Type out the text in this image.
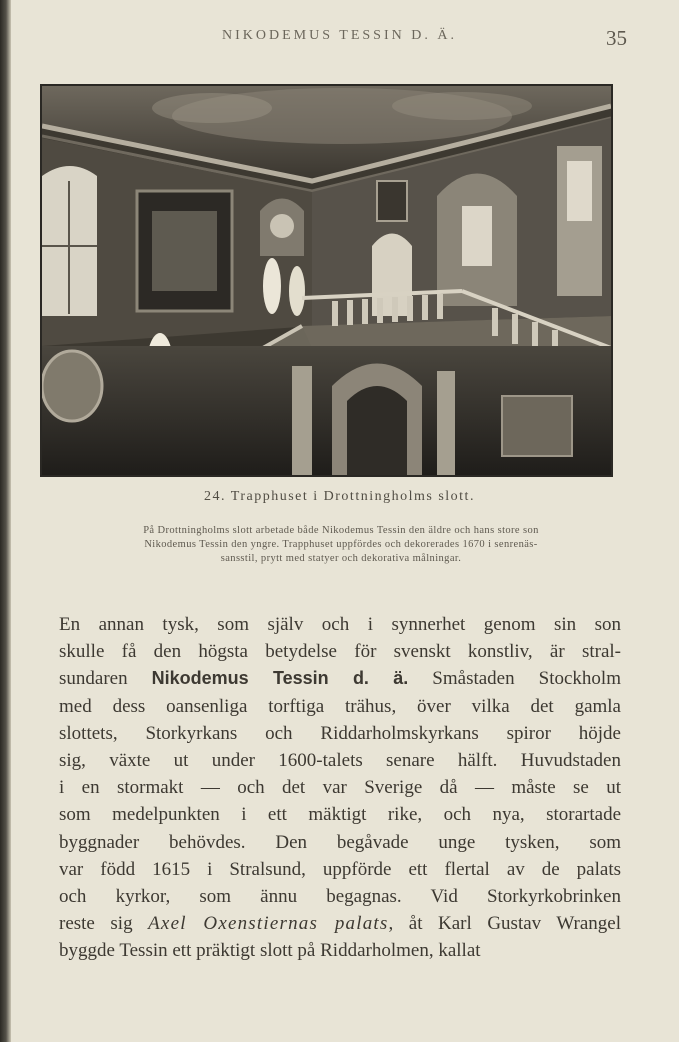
NIKODEMUS TESSIN D. Ä.	35
24. Trapphuset i Drottningholms slott.
På Drottningholms slott arbetade både Nikodemus Tessin den äldre och hans store son
Nikodemus Tessin den yngre. Trapphuset uppfördes och dekorerades 1670 i senrenäs-
sansstil, prytt med statyer och dekorativa målningar.
En annan tysk, som själv och i synnerhet genom sin son
skulle få den högsta betydelse för svenskt konstliv, är stral-
sundaren Nikodemus Tessin d. ä. Småstaden Stockholm
med dess oansenliga torftiga trähus, över vilka det gamla
slottets, Storkyrkans och Riddarholmskyrkans spiror höjde
sig, växte ut under 1600-talets senare hälft. Huvudstaden
i en stormakt — och det var Sverige då — måste se ut
som medelpunkten i ett mäktigt rike, och nya, storartade
byggnader behövdes. Den begåvade unge tysken, som
var född 1615 i Stralsund, uppförde ett flertal av de palats
och kyrkor, som ännu begagnas. Vid Storkyrkobrinken
reste sig Axel Oxenstiernas palats, åt Karl Gustav Wrangel
byggde Tessin ett präktigt slott på Riddarholmen, kallat
